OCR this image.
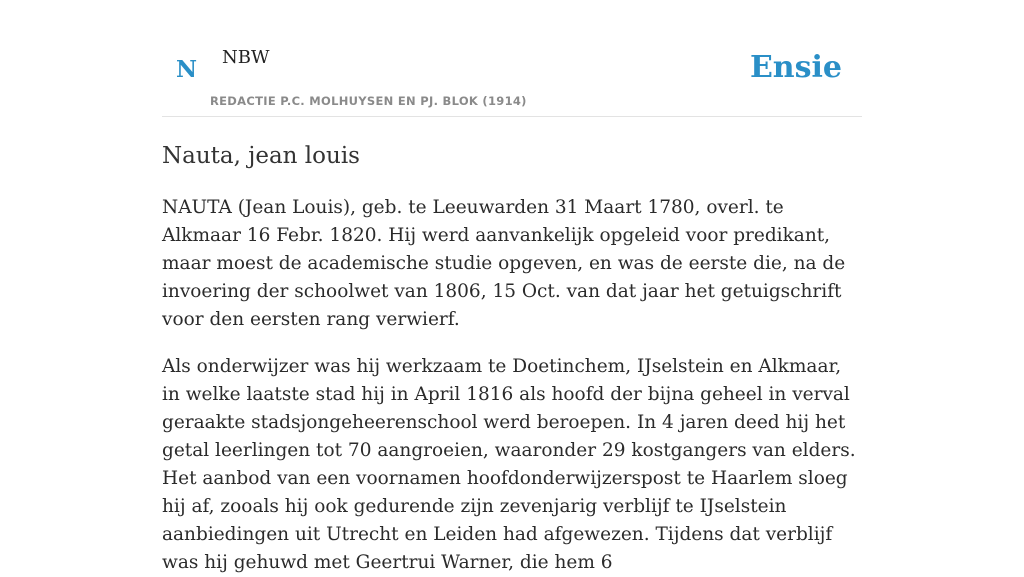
N NBW
REDACTIE P.C. MOLHUYSEN EN PJ. BLOK (1914)
Ensie
Nauta, jean louis

NAUTA (Jean Louis), geb. te Leeuwarden 31 Maart 1780, overl. te Alkmaar 16 Febr. 1820. Hij werd aanvankelijk opgeleid voor predikant, maar moest de academische studie opgeven, en was de eerste die, na de invoering der schoolwet van 1806, 15 Oct. van dat jaar het getuigschrift voor den eersten rang verwierf.

Als onderwijzer was hij werkzaam te Doetinchem, IJselstein en Alkmaar, in welke laatste stad hij in April 1816 als hoofd der bijna geheel in verval geraakte stadsjongeheerenschool werd beroepen. In 4 jaren deed hij het getal leerlingen tot 70 aangroeien, waaronder 29 kostgangers van elders. Het aanbod van een voornamen hoofdonderwijzerspost te Haarlem sloeg hij af, zooals hij ook gedurende zijn zevenjarig verblijf te IJselstein aanbiedingen uit Utrecht en Leiden had afgewezen. Tijdens dat verblijf was hij gehuwd met Geertrui Warner, die hem 6
